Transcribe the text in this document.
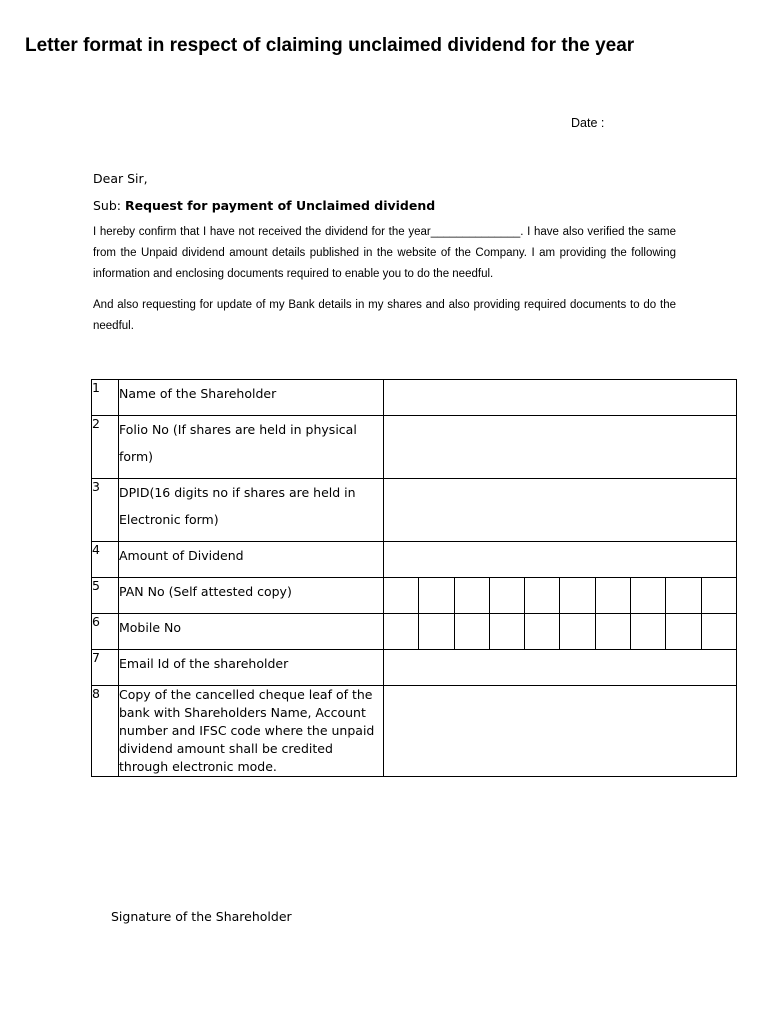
Letter format in respect of claiming unclaimed dividend for the year
Date :
Dear Sir,
Sub: Request for payment of Unclaimed dividend

I hereby confirm that I have not received the dividend for the year______________. I have also verified the same from the Unpaid dividend amount details published in the website of the Company. I am providing the following information and enclosing documents required to enable you to do the needful.

And also requesting for update of my Bank details in my shares and also providing required documents to do the needful.

1	Name of the Shareholder	
2	Folio No (If shares are held in physical form)	
3	DPID(16 digits no if shares are held in Electronic form)	
4	Amount of Dividend	
5	PAN No (Self attested copy)	

6	Mobile No	

7	Email Id of the shareholder	
8	Copy of the cancelled cheque leaf of the bank with Shareholders Name, Account number and IFSC code where the unpaid dividend amount shall be credited through electronic mode.	
Signature of the Shareholder
